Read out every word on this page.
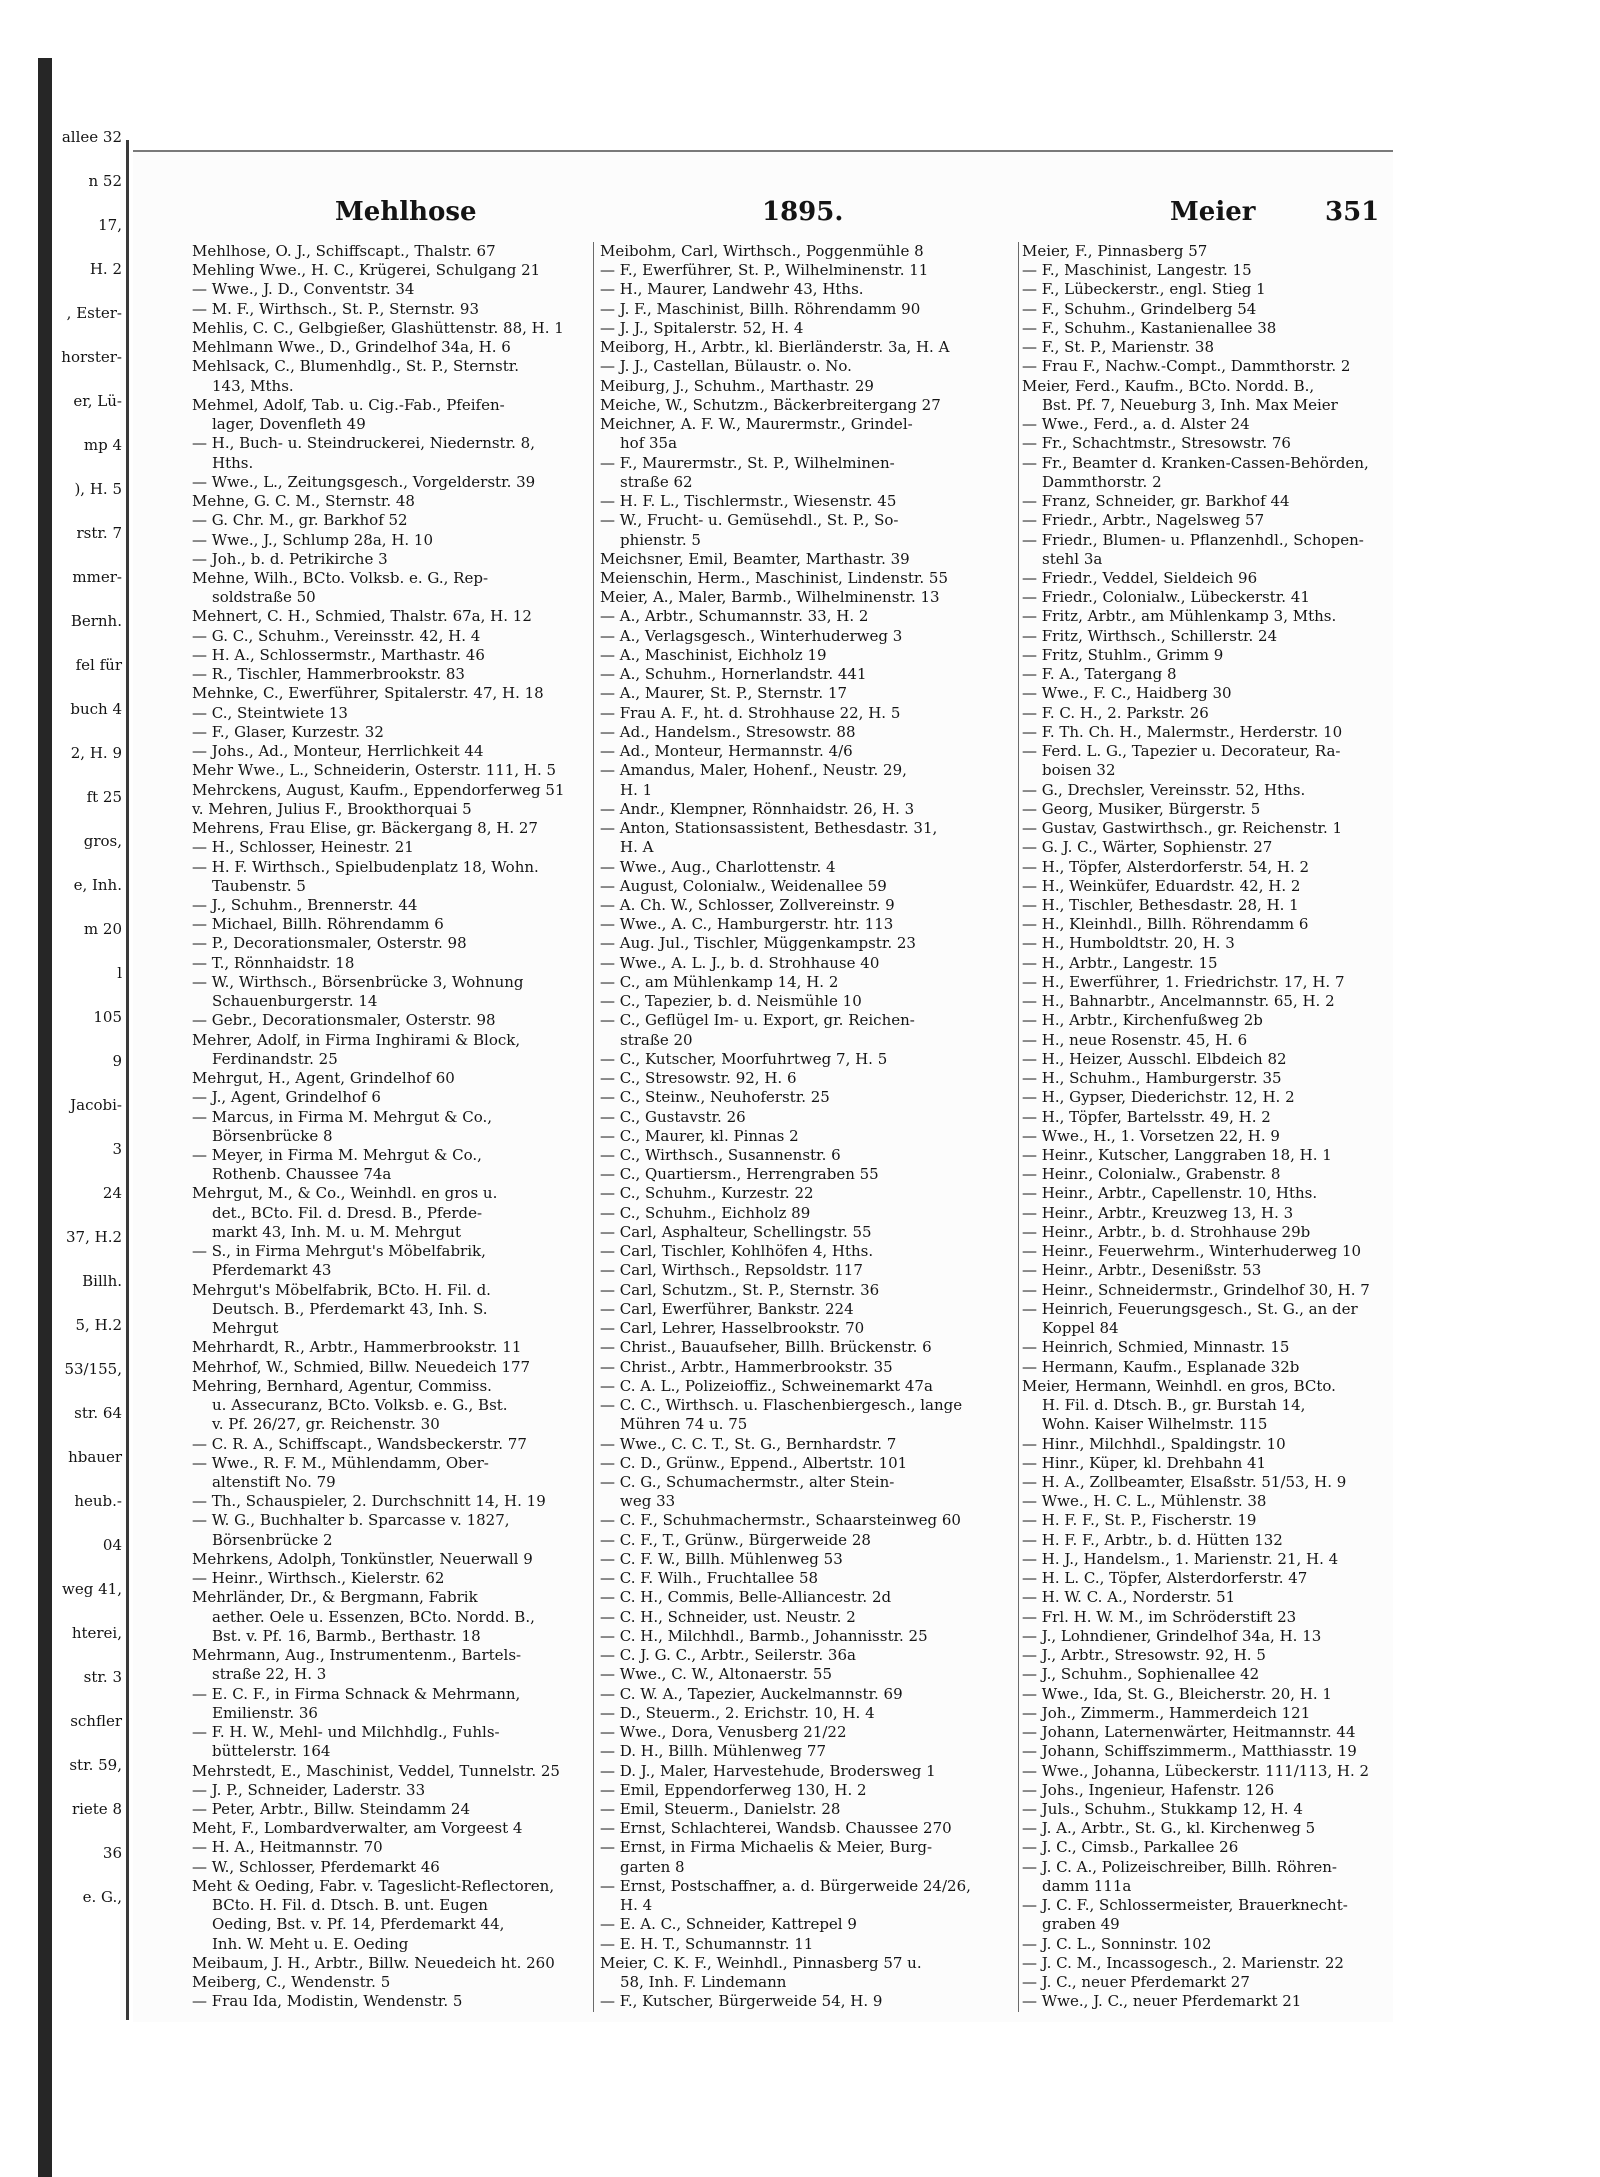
allee 32
n 52
17,
H. 2
, Ester-
horster-
er, Lü-
mp 4
), H. 5
rstr. 7
mmer-
Bernh.
fel für
buch 4
2, H. 9
ft 25
gros,
e, Inh.
m 20
l
105
9
Jacobi-
3
24
37, H.2
Billh.
5, H.2
53/155,
str. 64
hbauer
heub.-
04
weg 41,
hterei,
str. 3
schfler
str. 59,
riete 8
36
e. G.,
Mehlhose	1895.	Meier	351
Mehlhose, O. J., Schiffscapt., Thalstr. 67
Mehling Wwe., H. C., Krügerei, Schulgang 21
— Wwe., J. D., Conventstr. 34
— M. F., Wirthsch., St. P., Sternstr. 93
Mehlis, C. C., Gelbgießer, Glashüttenstr. 88, H. 1
Mehlmann Wwe., D., Grindelhof 34a, H. 6
Mehlsack, C., Blumenhdlg., St. P., Sternstr.
143, Mths.
Mehmel, Adolf, Tab. u. Cig.-Fab., Pfeifen-
lager, Dovenfleth 49
— H., Buch- u. Steindruckerei, Niedernstr. 8,
Hths.
— Wwe., L., Zeitungsgesch., Vorgelderstr. 39
Mehne, G. C. M., Sternstr. 48
— G. Chr. M., gr. Barkhof 52
— Wwe., J., Schlump 28a, H. 10
— Joh., b. d. Petrikirche 3
Mehne, Wilh., BCto. Volksb. e. G., Rep-
soldstraße 50
Mehnert, C. H., Schmied, Thalstr. 67a, H. 12
— G. C., Schuhm., Vereinsstr. 42, H. 4
— H. A., Schlossermstr., Marthastr. 46
— R., Tischler, Hammerbrookstr. 83
Mehnke, C., Ewerführer, Spitalerstr. 47, H. 18
— C., Steintwiete 13
— F., Glaser, Kurzestr. 32
— Johs., Ad., Monteur, Herrlichkeit 44
Mehr Wwe., L., Schneiderin, Osterstr. 111, H. 5
Mehrckens, August, Kaufm., Eppendorferweg 51
v. Mehren, Julius F., Brookthorquai 5
Mehrens, Frau Elise, gr. Bäckergang 8, H. 27
— H., Schlosser, Heinestr. 21
— H. F. Wirthsch., Spielbudenplatz 18, Wohn.
Taubenstr. 5
— J., Schuhm., Brennerstr. 44
— Michael, Billh. Röhrendamm 6
— P., Decorationsmaler, Osterstr. 98
— T., Rönnhaidstr. 18
— W., Wirthsch., Börsenbrücke 3, Wohnung
Schauenburgerstr. 14
— Gebr., Decorationsmaler, Osterstr. 98
Mehrer, Adolf, in Firma Inghirami & Block,
Ferdinandstr. 25
Mehrgut, H., Agent, Grindelhof 60
— J., Agent, Grindelhof 6
— Marcus, in Firma M. Mehrgut & Co.,
Börsenbrücke 8
— Meyer, in Firma M. Mehrgut & Co.,
Rothenb. Chaussee 74a
Mehrgut, M., & Co., Weinhdl. en gros u.
det., BCto. Fil. d. Dresd. B., Pferde-
markt 43, Inh. M. u. M. Mehrgut
— S., in Firma Mehrgut's Möbelfabrik,
Pferdemarkt 43
Mehrgut's Möbelfabrik, BCto. H. Fil. d.
Deutsch. B., Pferdemarkt 43, Inh. S.
Mehrgut
Mehrhardt, R., Arbtr., Hammerbrookstr. 11
Mehrhof, W., Schmied, Billw. Neuedeich 177
Mehring, Bernhard, Agentur, Commiss.
u. Assecuranz, BCto. Volksb. e. G., Bst.
v. Pf. 26/27, gr. Reichenstr. 30
— C. R. A., Schiffscapt., Wandsbeckerstr. 77
— Wwe., R. F. M., Mühlendamm, Ober-
altenstift No. 79
— Th., Schauspieler, 2. Durchschnitt 14, H. 19
— W. G., Buchhalter b. Sparcasse v. 1827,
Börsenbrücke 2
Mehrkens, Adolph, Tonkünstler, Neuerwall 9
— Heinr., Wirthsch., Kielerstr. 62
Mehrländer, Dr., & Bergmann, Fabrik
aether. Oele u. Essenzen, BCto. Nordd. B.,
Bst. v. Pf. 16, Barmb., Berthastr. 18
Mehrmann, Aug., Instrumentenm., Bartels-
straße 22, H. 3
— E. C. F., in Firma Schnack & Mehrmann,
Emilienstr. 36
— F. H. W., Mehl- und Milchhdlg., Fuhls-
büttelerstr. 164
Mehrstedt, E., Maschinist, Veddel, Tunnelstr. 25
— J. P., Schneider, Laderstr. 33
— Peter, Arbtr., Billw. Steindamm 24
Meht, F., Lombardverwalter, am Vorgeest 4
— H. A., Heitmannstr. 70
— W., Schlosser, Pferdemarkt 46
Meht & Oeding, Fabr. v. Tageslicht-Reflectoren,
BCto. H. Fil. d. Dtsch. B. unt. Eugen
Oeding, Bst. v. Pf. 14, Pferdemarkt 44,
Inh. W. Meht u. E. Oeding
Meibaum, J. H., Arbtr., Billw. Neuedeich ht. 260
Meiberg, C., Wendenstr. 5
— Frau Ida, Modistin, Wendenstr. 5
Meibohm, Carl, Wirthsch., Poggenmühle 8
— F., Ewerführer, St. P., Wilhelminenstr. 11
— H., Maurer, Landwehr 43, Hths.
— J. F., Maschinist, Billh. Röhrendamm 90
— J. J., Spitalerstr. 52, H. 4
Meiborg, H., Arbtr., kl. Bierländerstr. 3a, H. A
— J. J., Castellan, Bülaustr. o. No.
Meiburg, J., Schuhm., Marthastr. 29
Meiche, W., Schutzm., Bäckerbreitergang 27
Meichner, A. F. W., Maurermstr., Grindel-
hof 35a
— F., Maurermstr., St. P., Wilhelminen-
straße 62
— H. F. L., Tischlermstr., Wiesenstr. 45
— W., Frucht- u. Gemüsehdl., St. P., So-
phienstr. 5
Meichsner, Emil, Beamter, Marthastr. 39
Meienschin, Herm., Maschinist, Lindenstr. 55
Meier, A., Maler, Barmb., Wilhelminenstr. 13
— A., Arbtr., Schumannstr. 33, H. 2
— A., Verlagsgesch., Winterhuderweg 3
— A., Maschinist, Eichholz 19
— A., Schuhm., Hornerlandstr. 441
— A., Maurer, St. P., Sternstr. 17
— Frau A. F., ht. d. Strohhause 22, H. 5
— Ad., Handelsm., Stresowstr. 88
— Ad., Monteur, Hermannstr. 4/6
— Amandus, Maler, Hohenf., Neustr. 29,
H. 1
— Andr., Klempner, Rönnhaidstr. 26, H. 3
— Anton, Stationsassistent, Bethesdastr. 31,
H. A
— Wwe., Aug., Charlottenstr. 4
— August, Colonialw., Weidenallee 59
— A. Ch. W., Schlosser, Zollvereinstr. 9
— Wwe., A. C., Hamburgerstr. htr. 113
— Aug. Jul., Tischler, Müggenkampstr. 23
— Wwe., A. L. J., b. d. Strohhause 40
— C., am Mühlenkamp 14, H. 2
— C., Tapezier, b. d. Neismühle 10
— C., Geflügel Im- u. Export, gr. Reichen-
straße 20
— C., Kutscher, Moorfuhrtweg 7, H. 5
— C., Stresowstr. 92, H. 6
— C., Steinw., Neuhoferstr. 25
— C., Gustavstr. 26
— C., Maurer, kl. Pinnas 2
— C., Wirthsch., Susannenstr. 6
— C., Quartiersm., Herrengraben 55
— C., Schuhm., Kurzestr. 22
— C., Schuhm., Eichholz 89
— Carl, Asphalteur, Schellingstr. 55
— Carl, Tischler, Kohlhöfen 4, Hths.
— Carl, Wirthsch., Repsoldstr. 117
— Carl, Schutzm., St. P., Sternstr. 36
— Carl, Ewerführer, Bankstr. 224
— Carl, Lehrer, Hasselbrookstr. 70
— Christ., Bauaufseher, Billh. Brückenstr. 6
— Christ., Arbtr., Hammerbrookstr. 35
— C. A. L., Polizeioffiz., Schweinemarkt 47a
— C. C., Wirthsch. u. Flaschenbiergesch., lange
Mühren 74 u. 75
— Wwe., C. C. T., St. G., Bernhardstr. 7
— C. D., Grünw., Eppend., Albertstr. 101
— C. G., Schumachermstr., alter Stein-
weg 33
— C. F., Schuhmachermstr., Schaarsteinweg 60
— C. F., T., Grünw., Bürgerweide 28
— C. F. W., Billh. Mühlenweg 53
— C. F. Wilh., Fruchtallee 58
— C. H., Commis, Belle-Alliancestr. 2d
— C. H., Schneider, ust. Neustr. 2
— C. H., Milchhdl., Barmb., Johannisstr. 25
— C. J. G. C., Arbtr., Seilerstr. 36a
— Wwe., C. W., Altonaerstr. 55
— C. W. A., Tapezier, Auckelmannstr. 69
— D., Steuerm., 2. Erichstr. 10, H. 4
— Wwe., Dora, Venusberg 21/22
— D. H., Billh. Mühlenweg 77
— D. J., Maler, Harvestehude, Brodersweg 1
— Emil, Eppendorferweg 130, H. 2
— Emil, Steuerm., Danielstr. 28
— Ernst, Schlachterei, Wandsb. Chaussee 270
— Ernst, in Firma Michaelis & Meier, Burg-
garten 8
— Ernst, Postschaffner, a. d. Bürgerweide 24/26,
H. 4
— E. A. C., Schneider, Kattrepel 9
— E. H. T., Schumannstr. 11
Meier, C. K. F., Weinhdl., Pinnasberg 57 u.
58, Inh. F. Lindemann
— F., Kutscher, Bürgerweide 54, H. 9
Meier, F., Pinnasberg 57
— F., Maschinist, Langestr. 15
— F., Lübeckerstr., engl. Stieg 1
— F., Schuhm., Grindelberg 54
— F., Schuhm., Kastanienallee 38
— F., St. P., Marienstr. 38
— Frau F., Nachw.-Compt., Dammthorstr. 2
Meier, Ferd., Kaufm., BCto. Nordd. B.,
Bst. Pf. 7, Neueburg 3, Inh. Max Meier
— Wwe., Ferd., a. d. Alster 24
— Fr., Schachtmstr., Stresowstr. 76
— Fr., Beamter d. Kranken-Cassen-Behörden,
Dammthorstr. 2
— Franz, Schneider, gr. Barkhof 44
— Friedr., Arbtr., Nagelsweg 57
— Friedr., Blumen- u. Pflanzenhdl., Schopen-
stehl 3a
— Friedr., Veddel, Sieldeich 96
— Friedr., Colonialw., Lübeckerstr. 41
— Fritz, Arbtr., am Mühlenkamp 3, Mths.
— Fritz, Wirthsch., Schillerstr. 24
— Fritz, Stuhlm., Grimm 9
— F. A., Tatergang 8
— Wwe., F. C., Haidberg 30
— F. C. H., 2. Parkstr. 26
— F. Th. Ch. H., Malermstr., Herderstr. 10
— Ferd. L. G., Tapezier u. Decorateur, Ra-
boisen 32
— G., Drechsler, Vereinsstr. 52, Hths.
— Georg, Musiker, Bürgerstr. 5
— Gustav, Gastwirthsch., gr. Reichenstr. 1
— G. J. C., Wärter, Sophienstr. 27
— H., Töpfer, Alsterdorferstr. 54, H. 2
— H., Weinküfer, Eduardstr. 42, H. 2
— H., Tischler, Bethesdastr. 28, H. 1
— H., Kleinhdl., Billh. Röhrendamm 6
— H., Humboldtstr. 20, H. 3
— H., Arbtr., Langestr. 15
— H., Ewerführer, 1. Friedrichstr. 17, H. 7
— H., Bahnarbtr., Ancelmannstr. 65, H. 2
— H., Arbtr., Kirchenfußweg 2b
— H., neue Rosenstr. 45, H. 6
— H., Heizer, Ausschl. Elbdeich 82
— H., Schuhm., Hamburgerstr. 35
— H., Gypser, Diederichstr. 12, H. 2
— H., Töpfer, Bartelsstr. 49, H. 2
— Wwe., H., 1. Vorsetzen 22, H. 9
— Heinr., Kutscher, Langgraben 18, H. 1
— Heinr., Colonialw., Grabenstr. 8
— Heinr., Arbtr., Capellenstr. 10, Hths.
— Heinr., Arbtr., Kreuzweg 13, H. 3
— Heinr., Arbtr., b. d. Strohhause 29b
— Heinr., Feuerwehrm., Winterhuderweg 10
— Heinr., Arbtr., Desenißstr. 53
— Heinr., Schneidermstr., Grindelhof 30, H. 7
— Heinrich, Feuerungsgesch., St. G., an der
Koppel 84
— Heinrich, Schmied, Minnastr. 15
— Hermann, Kaufm., Esplanade 32b
Meier, Hermann, Weinhdl. en gros, BCto.
H. Fil. d. Dtsch. B., gr. Burstah 14,
Wohn. Kaiser Wilhelmstr. 115
— Hinr., Milchhdl., Spaldingstr. 10
— Hinr., Küper, kl. Drehbahn 41
— H. A., Zollbeamter, Elsaßstr. 51/53, H. 9
— Wwe., H. C. L., Mühlenstr. 38
— H. F. F., St. P., Fischerstr. 19
— H. F. F., Arbtr., b. d. Hütten 132
— H. J., Handelsm., 1. Marienstr. 21, H. 4
— H. L. C., Töpfer, Alsterdorferstr. 47
— H. W. C. A., Norderstr. 51
— Frl. H. W. M., im Schröderstift 23
— J., Lohndiener, Grindelhof 34a, H. 13
— J., Arbtr., Stresowstr. 92, H. 5
— J., Schuhm., Sophienallee 42
— Wwe., Ida, St. G., Bleicherstr. 20, H. 1
— Joh., Zimmerm., Hammerdeich 121
— Johann, Laternenwärter, Heitmannstr. 44
— Johann, Schiffszimmerm., Matthiasstr. 19
— Wwe., Johanna, Lübeckerstr. 111/113, H. 2
— Johs., Ingenieur, Hafenstr. 126
— Juls., Schuhm., Stukkamp 12, H. 4
— J. A., Arbtr., St. G., kl. Kirchenweg 5
— J. C., Cimsb., Parkallee 26
— J. C. A., Polizeischreiber, Billh. Röhren-
damm 111a
— J. C. F., Schlossermeister, Brauerknecht-
graben 49
— J. C. L., Sonninstr. 102
— J. C. M., Incassogesch., 2. Marienstr. 22
— J. C., neuer Pferdemarkt 27
— Wwe., J. C., neuer Pferdemarkt 21
